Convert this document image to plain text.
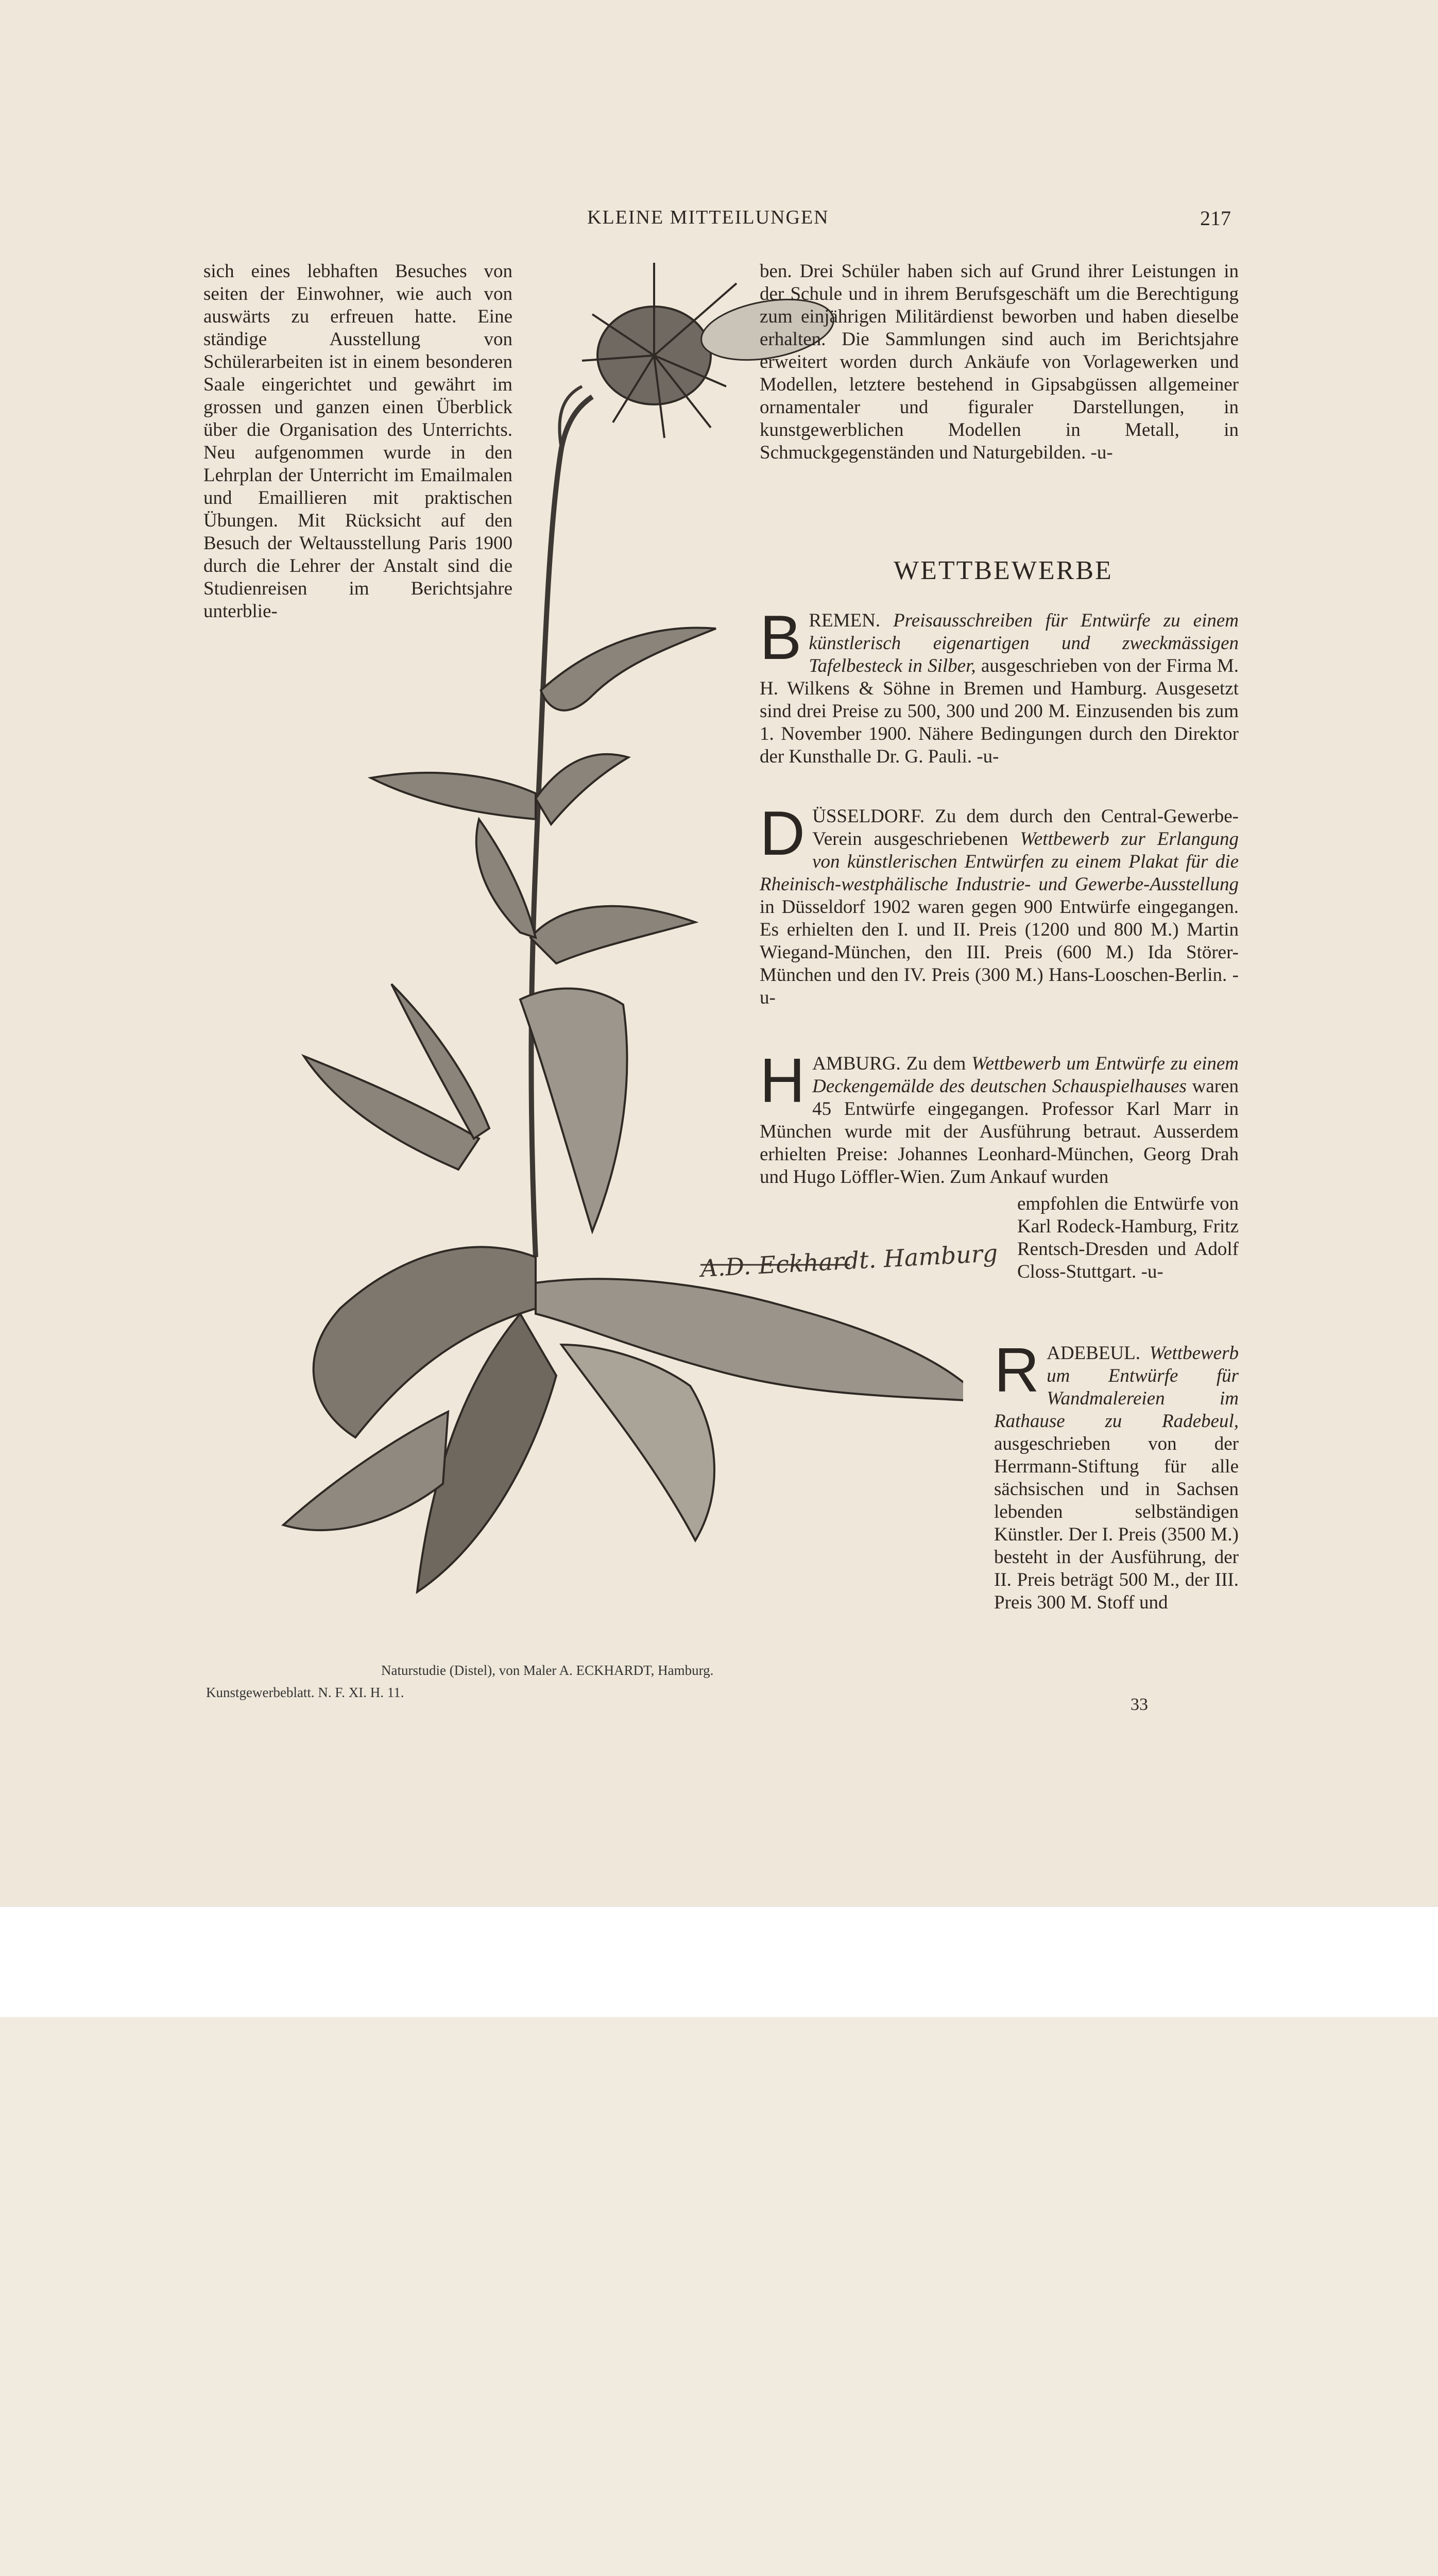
KLEINE MITTEILUNGEN	217
sich eines lebhaften Besuches von seiten der Einwohner, wie auch von auswärts zu erfreuen hatte. Eine ständige Ausstellung von Schülerarbeiten ist in einem besonderen Saale eingerichtet und gewährt im grossen und ganzen einen Überblick über die Organisation des Unterrichts. Neu aufgenommen wurde in den Lehrplan der Unterricht im Emailmalen und Emaillieren mit praktischen Übungen. Mit Rücksicht auf den Besuch der Weltausstellung Paris 1900 durch die Lehrer der Anstalt sind die Studienreisen im Berichtsjahre unterblie-
ben. Drei Schüler haben sich auf Grund ihrer Leistungen in der Schule und in ihrem Berufsgeschäft um die Berechtigung zum einjährigen Militärdienst beworben und haben dieselbe erhalten. Die Sammlungen sind auch im Berichtsjahre erweitert worden durch Ankäufe von Vorlagewerken und Modellen, letztere bestehend in Gipsabgüssen allgemeiner ornamentaler und figuraler Darstellungen, in kunstgewerblichen Modellen in Metall, in Schmuckgegenständen und Naturgebilden. -u-
WETTBEWERBE
BREMEN. Preisausschreiben für Entwürfe zu einem künstlerisch eigenartigen und zweckmässigen Tafelbesteck in Silber, ausgeschrieben von der Firma M. H. Wilkens & Söhne in Bremen und Hamburg. Ausgesetzt sind drei Preise zu 500, 300 und 200 M. Einzusenden bis zum 1. November 1900. Nähere Bedingungen durch den Direktor der Kunsthalle Dr. G. Pauli. -u-
DÜSSELDORF. Zu dem durch den Central-Gewerbe-Verein ausgeschriebenen Wettbewerb zur Erlangung von künstlerischen Entwürfen zu einem Plakat für die Rheinisch-westphälische Industrie- und Gewerbe-Ausstellung in Düsseldorf 1902 waren gegen 900 Entwürfe eingegangen. Es erhielten den I. und II. Preis (1200 und 800 M.) Martin Wiegand-München, den III. Preis (600 M.) Ida Störer-München und den IV. Preis (300 M.) Hans-Looschen-Berlin. -u-
HAMBURG. Zu dem Wettbewerb um Entwürfe zu einem Deckengemälde des deutschen Schauspielhauses waren 45 Entwürfe eingegangen. Professor Karl Marr in München wurde mit der Ausführung betraut. Ausserdem erhielten Preise: Johannes Leonhard-München, Georg Drah und Hugo Löffler-Wien. Zum Ankauf wurden
empfohlen die Entwürfe von Karl Rodeck-Hamburg, Fritz Rentsch-Dresden und Adolf Closs-Stuttgart. -u-
RADEBEUL. Wettbewerb um Entwürfe für Wandmalereien im Rathause zu Radebeul, ausgeschrieben von der Herrmann-Stiftung für alle sächsischen und in Sachsen lebenden selbständigen Künstler. Der I. Preis (3500 M.) besteht in der Ausführung, der II. Preis beträgt 500 M., der III. Preis 300 M. Stoff und
A.D. Eckhardt. Hamburg
Naturstudie (Distel), von Maler A. ECKHARDT, Hamburg.
Kunstgewerbeblatt. N. F. XI. H. 11.
33
